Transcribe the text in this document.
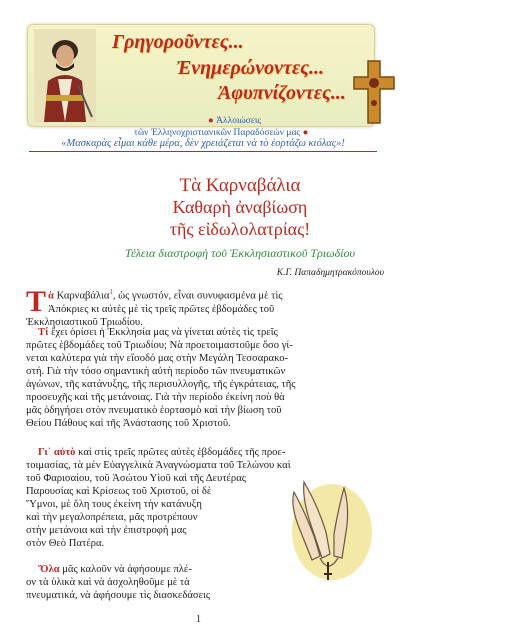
Γρηγοροῦντες...
Ἐνημερώνοντες...
Ἀφυπνίζοντες...
● Ἀλλοιώσεις
τῶν Ἑλληνοχριστιανικῶν Παραδόσεών μας ●
«Μασκαρὰς εἶμαι κάθε μέρα, δὲν χρειάζεται νὰ τὸ ἑορτάζω κιόλας»!
Τὰ Καρναβάλια
Καθαρὴ ἀναβίωση
τῆς εἰδωλολατρίας!
Τέλεια διαστροφὴ τοῦ Ἐκκλησιαστικοῦ Τριωδίου
Κ.Γ. Παπαδημητρακόπουλου
Τ ὰ Καρναβάλια$^1$, ὡς γνωστόν, εἶναι συνυφασμένα μὲ τὶς
Ἀπόκριες κι αὐτὲς μὲ τὶς τρεῖς πρῶτες ἑβδομάδες τοῦ
Ἐκκλησιαστικοῦ Τριωδίου.
Τί ἔχει ὁρίσει ἡ Ἐκκλησία μας νὰ γίνεται αὐτὲς τὶς τρεῖς
πρῶτες ἑβδομάδες τοῦ Τριωδίου; Νὰ προετοιμαστοῦμε ὅσο γί-
νεται καλύτερα γιὰ τὴν εἴσοδό μας στὴν Μεγάλη Τεσσαρακο-
στή. Γιὰ τὴν τόσο σημαντικὴ αὐτὴ περίοδο τῶν πνευματικῶν
ἀγώνων, τῆς κατάνυξης, τῆς περισυλλογῆς, τῆς ἐγκράτειας, τῆς
προσευχῆς καὶ τῆς μετάνοιας. Γιὰ τὴν περίοδο ἐκείνη ποὺ θὰ
μᾶς ὁδηγήσει στὸν πνευματικὸ ἑορτασμὸ καὶ τὴν βίωση τοῦ
Θείου Πάθους καὶ τῆς Ἀνάστασης τοῦ Χριστοῦ.
Γι᾽ αὐτὸ καὶ στὶς τρεῖς πρῶτες αὐτὲς ἑβδομάδες τῆς προε-
τοιμασίας, τὰ μὲν Εὐαγγελικὰ Ἀναγνώσματα τοῦ Τελώνου καὶ
τοῦ Φαρισαίου, τοῦ Ἀσώτου Υἱοῦ καὶ τῆς Δευτέρας
Παρουσίας καὶ Κρίσεως τοῦ Χριστοῦ, οἱ δὲ
Ὕμνοι, μὲ ὅλη τους ἐκείνη τὴν κατάνυξη
καὶ τὴν μεγαλοπρέπεια, μᾶς προτρέπουν
στὴν μετάνοια καὶ τὴν ἐπιστροφή μας
στὸν Θεὸ Πατέρα.
Ὅλα μᾶς καλοῦν νὰ ἀφήσουμε πλέ-
ον τὰ ὑλικὰ καὶ νὰ ἀσχοληθοῦμε μὲ τὰ
πνευματικά, νὰ ἀφήσουμε τὶς διασκεδάσεις
1
